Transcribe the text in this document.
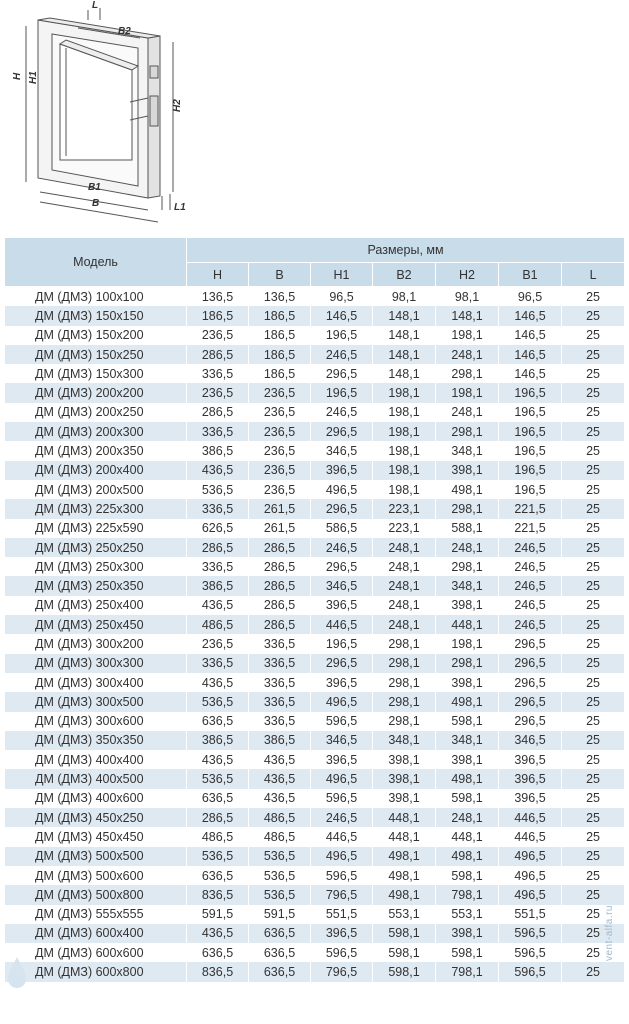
L
B2
H H1
H2
B1
B	L1
Модель	Размеры, мм						
	H	B	H1	B2	H2	B1	L
ДМ (ДМЗ) 100х100	136,5	136,5	96,5	98,1	98,1	96,5	25
ДМ (ДМЗ) 150х150	186,5	186,5	146,5	148,1	148,1	146,5	25
ДМ (ДМЗ) 150х200	236,5	186,5	196,5	148,1	198,1	146,5	25
ДМ (ДМЗ) 150х250	286,5	186,5	246,5	148,1	248,1	146,5	25
ДМ (ДМЗ) 150х300	336,5	186,5	296,5	148,1	298,1	146,5	25
ДМ (ДМЗ) 200х200	236,5	236,5	196,5	198,1	198,1	196,5	25
ДМ (ДМЗ) 200х250	286,5	236,5	246,5	198,1	248,1	196,5	25
ДМ (ДМЗ) 200х300	336,5	236,5	296,5	198,1	298,1	196,5	25
ДМ (ДМЗ) 200х350	386,5	236,5	346,5	198,1	348,1	196,5	25
ДМ (ДМЗ) 200х400	436,5	236,5	396,5	198,1	398,1	196,5	25
ДМ (ДМЗ) 200х500	536,5	236,5	496,5	198,1	498,1	196,5	25
ДМ (ДМЗ) 225х300	336,5	261,5	296,5	223,1	298,1	221,5	25
ДМ (ДМЗ) 225х590	626,5	261,5	586,5	223,1	588,1	221,5	25
ДМ (ДМЗ) 250х250	286,5	286,5	246,5	248,1	248,1	246,5	25
ДМ (ДМЗ) 250х300	336,5	286,5	296,5	248,1	298,1	246,5	25
ДМ (ДМЗ) 250х350	386,5	286,5	346,5	248,1	348,1	246,5	25
ДМ (ДМЗ) 250х400	436,5	286,5	396,5	248,1	398,1	246,5	25
ДМ (ДМЗ) 250х450	486,5	286,5	446,5	248,1	448,1	246,5	25
ДМ (ДМЗ) 300х200	236,5	336,5	196,5	298,1	198,1	296,5	25
ДМ (ДМЗ) 300х300	336,5	336,5	296,5	298,1	298,1	296,5	25
ДМ (ДМЗ) 300х400	436,5	336,5	396,5	298,1	398,1	296,5	25
ДМ (ДМЗ) 300х500	536,5	336,5	496,5	298,1	498,1	296,5	25
ДМ (ДМЗ) 300х600	636,5	336,5	596,5	298,1	598,1	296,5	25
ДМ (ДМЗ) 350х350	386,5	386,5	346,5	348,1	348,1	346,5	25
ДМ (ДМЗ) 400х400	436,5	436,5	396,5	398,1	398,1	396,5	25
ДМ (ДМЗ) 400х500	536,5	436,5	496,5	398,1	498,1	396,5	25
ДМ (ДМЗ) 400х600	636,5	436,5	596,5	398,1	598,1	396,5	25
ДМ (ДМЗ) 450х250	286,5	486,5	246,5	448,1	248,1	446,5	25
ДМ (ДМЗ) 450х450	486,5	486,5	446,5	448,1	448,1	446,5	25
ДМ (ДМЗ) 500х500	536,5	536,5	496,5	498,1	498,1	496,5	25
ДМ (ДМЗ) 500х600	636,5	536,5	596,5	498,1	598,1	496,5	25
ДМ (ДМЗ) 500х800	836,5	536,5	796,5	498,1	798,1	496,5	25
ДМ (ДМЗ) 555х555	591,5	591,5	551,5	553,1	553,1	551,5	25
ДМ (ДМЗ) 600х400	436,5	636,5	396,5	598,1	398,1	596,5	25
ДМ (ДМЗ) 600х600	636,5	636,5	596,5	598,1	598,1	596,5	25
ДМ (ДМЗ) 600х800	836,5	636,5	796,5	598,1	798,1	596,5	25
vent-alfa.ru
